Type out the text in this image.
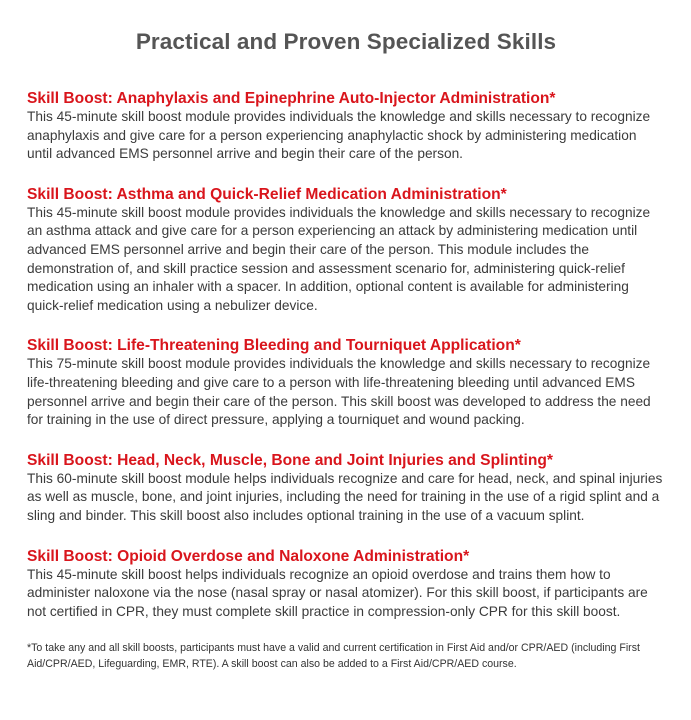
Practical and Proven Specialized Skills
Skill Boost: Anaphylaxis and Epinephrine Auto-Injector Administration*

This 45-minute skill boost module provides individuals the knowledge and skills necessary to recognize anaphylaxis and give care for a person experiencing anaphylactic shock by administering medication until advanced EMS personnel arrive and begin their care of the person.

Skill Boost: Asthma and Quick-Relief Medication Administration*

This 45-minute skill boost module provides individuals the knowledge and skills necessary to recognize an asthma attack and give care for a person experiencing an attack by administering medication until advanced EMS personnel arrive and begin their care of the person. This module includes the demonstration of, and skill practice session and assessment scenario for, administering quick-relief medication using an inhaler with a spacer. In addition, optional content is available for administering quick-relief medication using a nebulizer device.

Skill Boost: Life-Threatening Bleeding and Tourniquet Application*

This 75-minute skill boost module provides individuals the knowledge and skills necessary to recognize life-threatening bleeding and give care to a person with life-threatening bleeding until advanced EMS personnel arrive and begin their care of the person. This skill boost was developed to address the need for training in the use of direct pressure, applying a tourniquet and wound packing.

Skill Boost: Head, Neck, Muscle, Bone and Joint Injuries and Splinting*

This 60-minute skill boost module helps individuals recognize and care for head, neck, and spinal injuries as well as muscle, bone, and joint injuries, including the need for training in the use of a rigid splint and a sling and binder. This skill boost also includes optional training in the use of a vacuum splint.

Skill Boost: Opioid Overdose and Naloxone Administration*

This 45-minute skill boost helps individuals recognize an opioid overdose and trains them how to administer naloxone via the nose (nasal spray or nasal atomizer). For this skill boost, if participants are not certified in CPR, they must complete skill practice in compression-only CPR for this skill boost.

*To take any and all skill boosts, participants must have a valid and current certification in First Aid and/or CPR/AED (including First Aid/CPR/AED, Lifeguarding, EMR, RTE). A skill boost can also be added to a First Aid/CPR/AED course.
